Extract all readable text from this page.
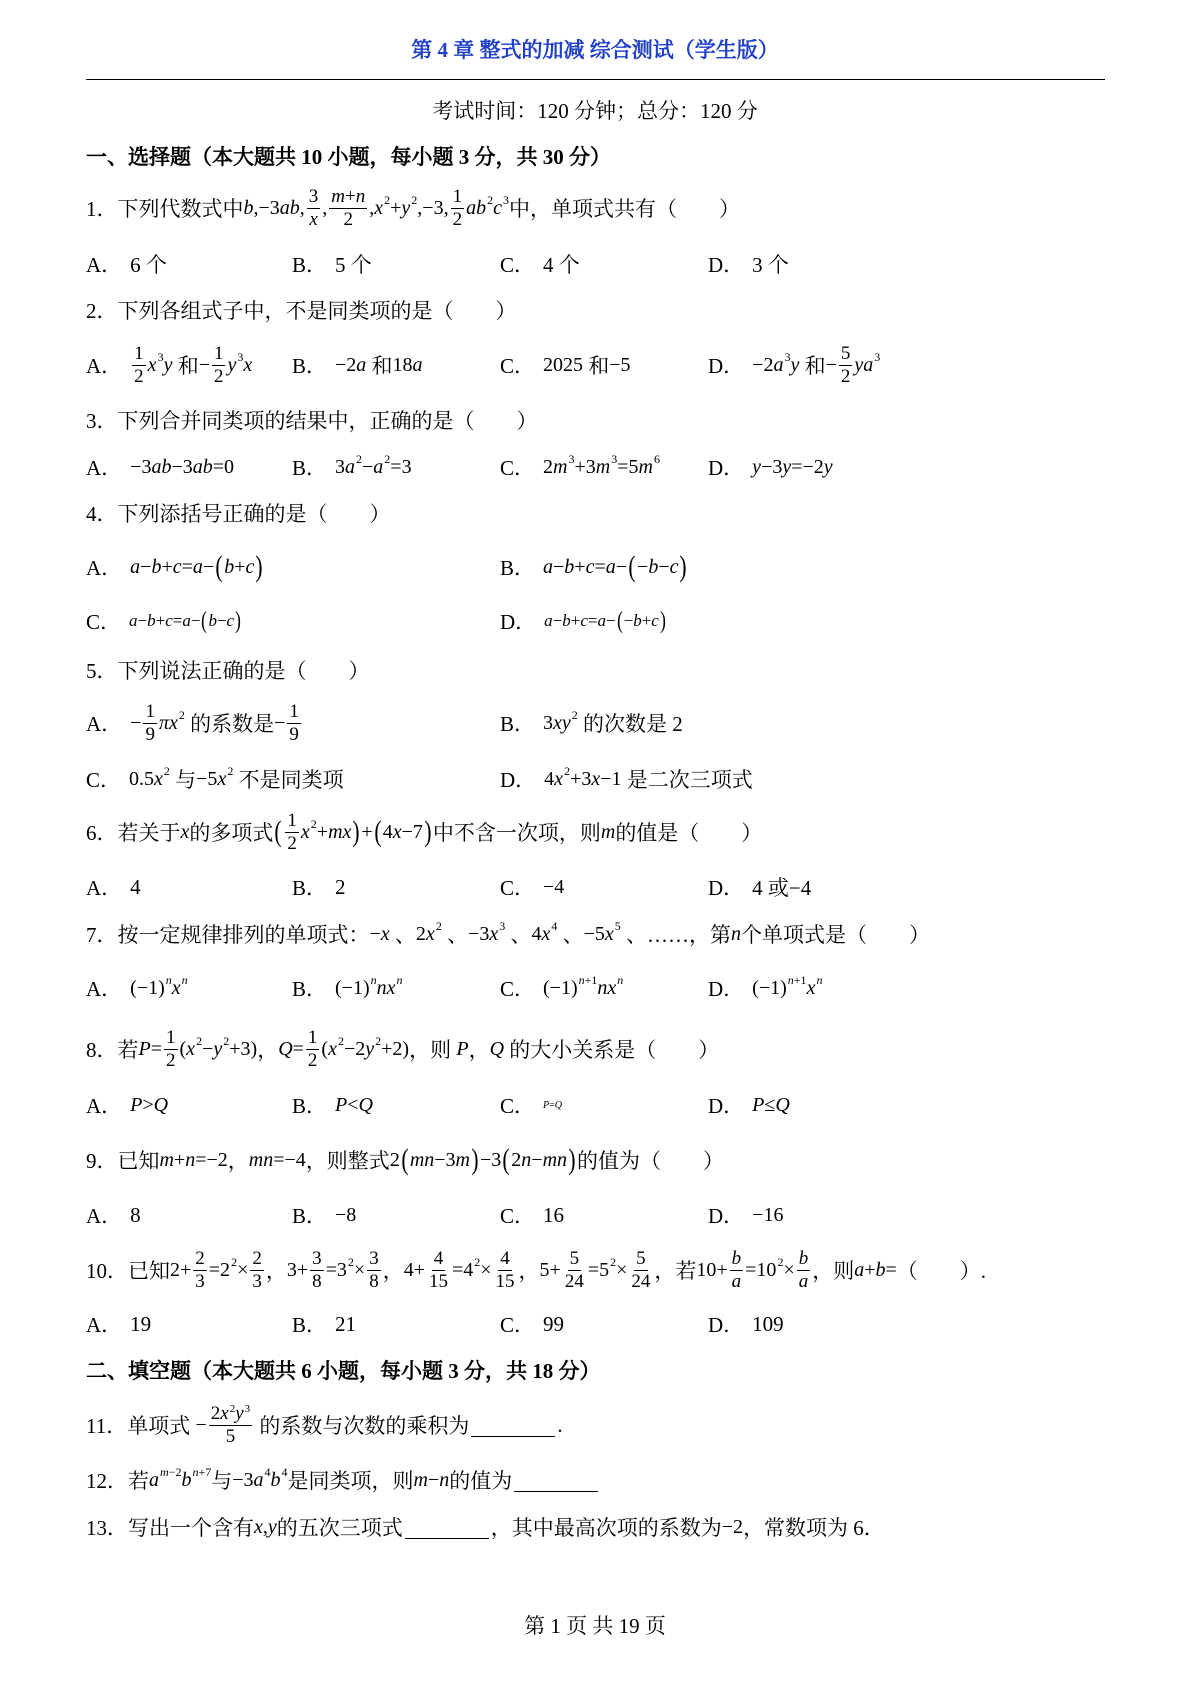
第 4 章 整式的加减 综合测试（学生版）
考试时间：120 分钟；总分：120 分
一、选择题（本大题共 10 小题，每小题 3 分，共 30 分）
1．下列代数式中 b,−3ab, $\frac{3}{x}$ , $\frac{m+n}{2} ,x$ 2 +y 2 ,−3, $\frac{1}{2}$ ab 2 c 3 中，单项式共有（　　）
A． 6 个	B． 5 个	C． 4 个	D． 3 个
2．下列各组式子中，不是同类项的是（　　）
A． $\frac{1}{2}$ x 3 y 和 − $\frac{1}{2}$ y 3 x B． −2a 和 18a	C． 2025 和 −5	D． −2a 3 y 和 − $\frac{5}{2}$ ya 3
3．下列合并同类项的结果中，正确的是（　　）
A． −3ab−3ab=0	B． 3a 2 −a 2 =3	C． 2m 3 +3m 3 =5m 6 D． y−3y=−2y
4．下列添括号正确的是（　　）
A． a−b+c=a− ( b+c )	B． a−b+c=a− ( −b−c )
C． a−b+c=a− ( b−c )	D． a−b+c=a− ( −b+c )
5．下列说法正确的是（　　）
A． − $\frac{1}{9}$ πx 2 的系数是 − $\frac{1}{9}$	B． 3xy 2 的次数是 2
C． 0.5x 2 与 −5x 2 不是同类项	D． 4x 2 +3x−1 是二次三项式
6．若关于 x 的多项式 ( $\frac{1}{2}$ x 2 +mx ) + ( 4x−7 ) 中不含一次项，则 m 的值是（　　）
A． 4	B． 2	C． −4	D． 4 或−4
7．按一定规律排列的单项式： −x 、 2x 2 、 −3x 3 、 4x 4 、 −5x 5 、……，第 n 个单项式是（　　）
A． (−1) n x n	B． (−1) n nx n	C． (−1) n+1 nx n	D． (−1) n+1 x n
8．若 $P= \frac{1}{2} (x$ 2 −y 2 +3) ， $Q= \frac{1}{2} (x$ 2 −2y 2 +2) ，则 P ， Q 的大小关系是（　　）
A． P>Q	B． P<Q	C． P=Q	D． P≤Q
9．已知 m+n=−2 ， mn=−4 ，则整式 2 ( mn−3m ) −3 ( 2n−mn ) 的值为（　　）
A． 8	B． −8	C． 16	D． −16
10．已知 $2+ \frac{2}{3} =2$ $2 \times \frac{2}{3}$ ， $3+ \frac{3}{8} =3$ $2 \times \frac{3}{8}$ ， $4+ \frac{4}{15} =4$ $2 \times \frac{4}{15}$ ， $5+ \frac{5}{24} =5$ $2 \times \frac{5}{24}$ ，若 $10+ \frac{b}{a} =10$ $2 \times \frac{b}{a}$ ，则 a+b= （　　）.
A． 19	B． 21	C． 99	D． 109
二、填空题（本大题共 6 小题，每小题 3 分，共 18 分）
11．单项式 − $\frac{2x^2y^3}{5}$ 的系数与次数的乘积为	.
12．若 a m−2 b n+7 与 −3a 4 b 4 是同类项，则 m−n 的值为
13．写出一个含有 x,y 的五次三项式	，其中最高次项的系数为 −2 ，常数项为 6．
第 1 页 共 19 页
